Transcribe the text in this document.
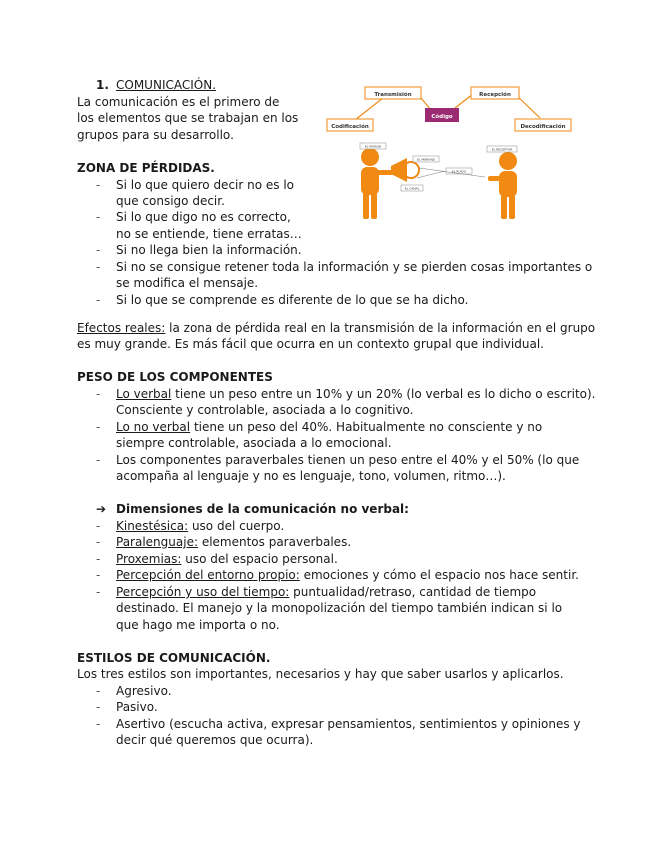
1. COMUNICACIÓN.
La comunicación es el primero de
los elementos que se trabajan en los
grupos para su desarrollo.
Transmisión	Recepción
Código
Codificación	Decodificación
EL EMISOR
EL RECEPTOR
EL MENSAJE
EL RUIDO
EL CANAL
ZONA DE PÉRDIDAS.
- Si lo que quiero decir no es lo
que consigo decir.
- Si lo que digo no es correcto,
no se entiende, tiene erratas…
- Si no llega bien la información.
- Si no se consigue retener toda la información y se pierden cosas importantes o
se modifica el mensaje.
- Si lo que se comprende es diferente de lo que se ha dicho.
Efectos reales: la zona de pérdida real en la transmisión de la información en el grupo
es muy grande. Es más fácil que ocurra en un contexto grupal que individual.
PESO DE LOS COMPONENTES
- Lo verbal tiene un peso entre un 10% y un 20% (lo verbal es lo dicho o escrito).
Consciente y controlable, asociada a lo cognitivo.
- Lo no verbal tiene un peso del 40%. Habitualmente no consciente y no
siempre controlable, asociada a lo emocional.
- Los componentes paraverbales tienen un peso entre el 40% y el 50% (lo que
acompaña al lenguaje y no es lenguaje, tono, volumen, ritmo…).
➔ Dimensiones de la comunicación no verbal:
- Kinestésica: uso del cuerpo.
- Paralenguaje: elementos paraverbales.
- Proxemias: uso del espacio personal.
- Percepción del entorno propio: emociones y cómo el espacio nos hace sentir.
- Percepción y uso del tiempo: puntualidad/retraso, cantidad de tiempo
destinado. El manejo y la monopolización del tiempo también indican si lo
que hago me importa o no.
ESTILOS DE COMUNICACIÓN.
Los tres estilos son importantes, necesarios y hay que saber usarlos y aplicarlos.
- Agresivo.
- Pasivo.
- Asertivo (escucha activa, expresar pensamientos, sentimientos y opiniones y
decir qué queremos que ocurra).
